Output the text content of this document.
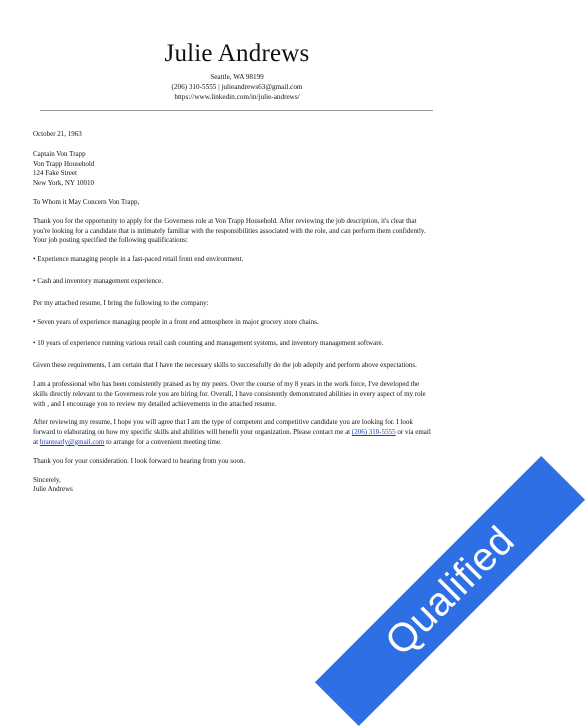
Julie Andrews
Seattle, WA 98199
(206) 310-5555 | julieandrews63@gmail.com
https://www.linkedin.com/in/julie-andrews/

October 21, 1963

Captain Von Trapp

Von Trapp Household

124 Fake Street

New York, NY 10010

To Whom it May Concern Von Trapp,

Thank you for the opportunity to apply for the Governess role at Von Trapp Household. After reviewing the job description, it's clear that you're looking for a candidate that is intimately familiar with the responsibilities associated with the role, and can perform them confidently. Your job posting specified the following qualifications:

• Experience managing people in a fast-paced retail front end environment.

• Cash and inventory management experience.

Per my attached resume, I bring the following to the company:

• Seven years of experience managing people in a front end atmosphere in major grocery store chains.

• 10 years of experience running various retail cash counting and management systems, and inventory management software.

Given these requirements, I am certain that I have the necessary skills to successfully do the job adeptly and perform above expectations.

I am a professional who has been consistently praised as by my peers. Over the course of my 8 years in the work force, I've developed the skills directly relevant to the Governess role you are hiring for. Overall, I have consistently demonstrated abilities in every aspect of my role with , and I encourage you to review my detailed achievements in the attached resume.

After reviewing my resume, I hope you will agree that I am the type of competent and competitive candidate you are looking for. I look forward to elaborating on how my specific skills and abilities will benefit your organization. Please contact me at (206) 310-5555 or via email at brantearly@gmail.com to arrange for a convenient meeting time.

Thank you for your consideration. I look forward to hearing from you soon.

Sincerely,

Julie Andrews

Qualified
